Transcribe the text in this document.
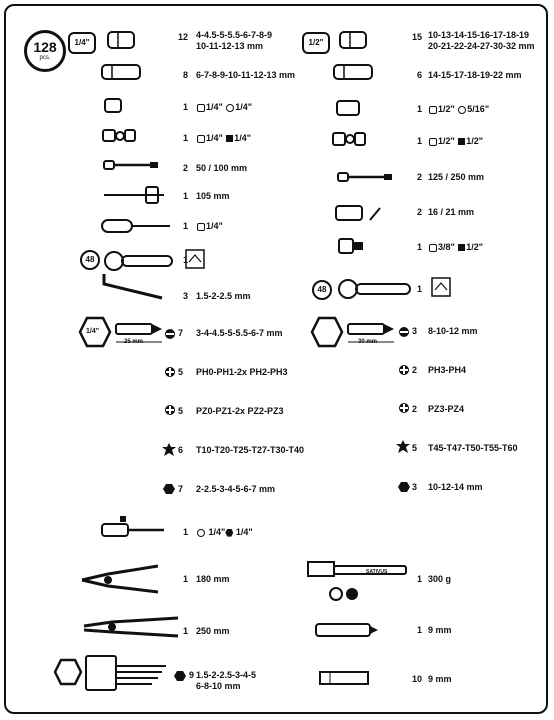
128
pcs.
1/4"	1/2"
48
12 4-4.5-5-5.5-6-7-8-9
10-11-12-13 mm
8 6-7-8-9-10-11-12-13 mm
1	1/4" 1/4"
1	1/4" 1/4"
2 50 / 100 mm
1 105 mm
1	1/4"
1
3 1.5-2-2.5 mm
1/4"
25 mm
7 3-4-4.5-5-5.5-6-7 mm
5 PH0-PH1-2x PH2-PH3
5 PZ0-PZ1-2x PZ2-PZ3
6 T10-T20-T25-T27-T30-T40
7 2-2.5-3-4-5-6-7 mm
1	1/4" 1/4"
1 180 mm
1 250 mm
9 1.5-2-2.5-3-4-5
6-8-10 mm
48
15 10-13-14-15-16-17-18-19
20-21-22-24-27-30-32 mm
6 14-15-17-18-19-22 mm
1	1/2" 5/16"
1	1/2" 1/2"
2 125 / 250 mm
2 16 / 21 mm
1	3/8" 1/2"
1
30 mm
3 8-10-12 mm
2 PH3-PH4
2 PZ3-PZ4
5 T45-T47-T50-T55-T60
3 10-12-14 mm
SATIVUS
1 300 g
1 9 mm
10 9 mm
